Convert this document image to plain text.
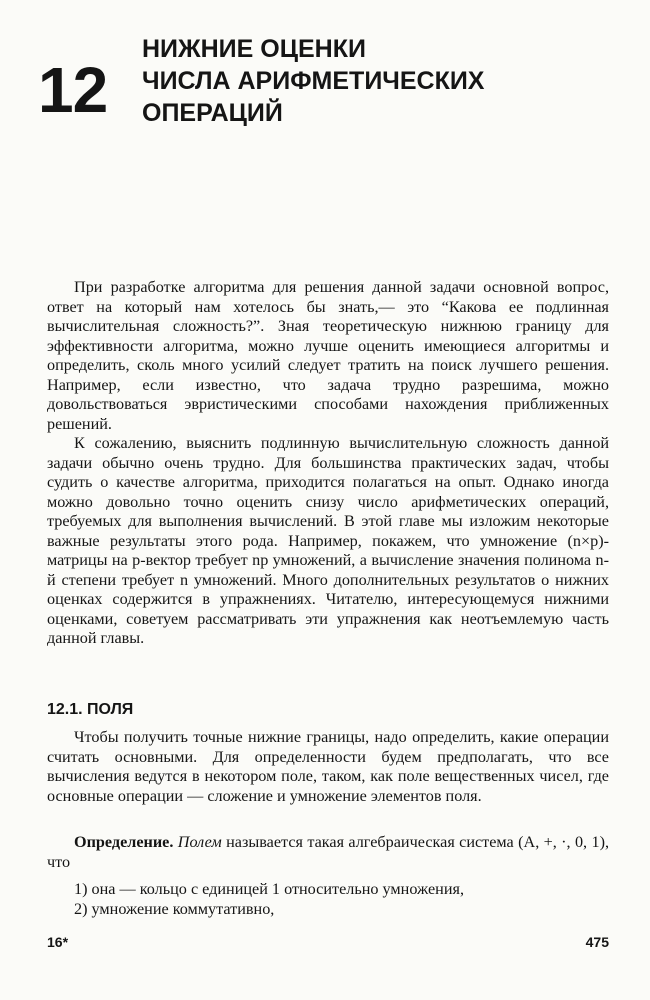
12
НИЖНИЕ ОЦЕНКИ
ЧИСЛА АРИФМЕТИЧЕСКИХ
ОПЕРАЦИЙ

При разработке алгоритма для решения данной задачи основной вопрос, ответ на который нам хотелось бы знать,— это “Какова ее подлинная вычислительная сложность?”. Зная теоретическую нижнюю границу для эффективности алгоритма, можно лучше оценить имеющиеся алгоритмы и определить, сколь много усилий следует тратить на поиск лучшего решения. Например, если известно, что задача трудно разрешима, можно довольствоваться эвристическими способами нахождения приближенных решений.

К сожалению, выяснить подлинную вычислительную сложность данной задачи обычно очень трудно. Для большинства практических задач, чтобы судить о качестве алгоритма, приходится полагаться на опыт. Однако иногда можно довольно точно оценить снизу число арифметических операций, требуемых для выполнения вычислений. В этой главе мы изложим некоторые важные результаты этого рода. Например, покажем, что умножение (n×p)-матрицы на p-вектор требует np умножений, а вычисление значения полинома n-й степени требует n умножений. Много дополнительных результатов о нижних оценках содержится в упражнениях. Читателю, интересующемуся нижними оценками, советуем рассматривать эти упражнения как неотъемлемую часть данной главы.

12.1. ПОЛЯ

Чтобы получить точные нижние границы, надо определить, какие операции считать основными. Для определенности будем предполагать, что все вычисления ведутся в некотором поле, таком, как поле вещественных чисел, где основные операции — сложение и умножение элементов поля.

Определение. Полем называется такая алгебраическая система (A, +, ·, 0, 1), что

1) она — кольцо с единицей 1 относительно умножения,
2) умножение коммутативно,
16*	475
